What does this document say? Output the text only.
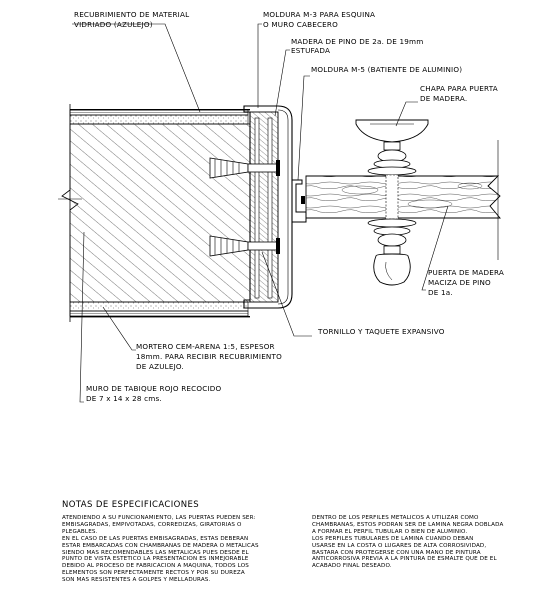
RECUBRIMIENTO DE MATERIAL
VIDRIADO (AZULEJO)
MOLDURA M-3 PARA ESQUINA
O MURO CABECERO
MADERA DE PINO DE 2a. DE 19mm
ESTUFADA
MOLDURA M-5 (BATIENTE DE ALUMINIO)
CHAPA PARA PUERTA
DE MADERA.
PUERTA DE MADERA
MACIZA DE PINO
DE 1a.
TORNILLO Y TAQUETE EXPANSIVO
MORTERO CEM-ARENA 1:5, ESPESOR
18mm. PARA RECIBIR RECUBRIMIENTO
DE AZULEJO.
MURO DE TABIQUE ROJO RECOCIDO
DE 7 x 14 x 28 cms.
NOTAS DE ESPECIFICACIONES

ATENDIENDO A SU FUNCIONAMIENTO, LAS PUERTAS PUEDEN SER:

EMBISAGRADAS, EMPIVOTADAS, CORREDIZAS, GIRATORIAS O

PLEGABLES.

EN EL CASO DE LAS PUERTAS EMBISAGRADAS, ESTAS DEBERAN

ESTAR EMBARCADAS CON CHAMBRANAS DE MADERA O METALICAS

SIENDO MAS RECOMENDABLES LAS METALICAS PUES DESDE EL

PUNTO DE VISTA ESTETICO LA PRESENTACION ES INMEJORABLE

DEBIDO AL PROCESO DE FABRICACION A MAQUINA, TODOS LOS

ELEMENTOS SON PERFECTAMENTE RECTOS Y POR SU DUREZA

SON MAS RESISTENTES A GOLPES Y MELLADURAS.

DENTRO DE LOS PERFILES METALICOS A UTILIZAR COMO

CHAMBRANAS, ESTOS PODRAN SER DE LAMINA NEGRA DOBLADA

A FORMAR EL PERFIL TUBULAR O BIEN DE ALUMINIO.

LOS PERFILES TUBULARES DE LAMINA CUANDO DEBAN

USARSE EN LA COSTA O LUGARES DE ALTA CORROSIVIDAD,

BASTARA CON PROTEGERSE CON UNA MANO DE PINTURA

ANTICORROSIVA PREVIA A LA PINTURA DE ESMALTE QUE DE EL

ACABADO FINAL DESEADO.
